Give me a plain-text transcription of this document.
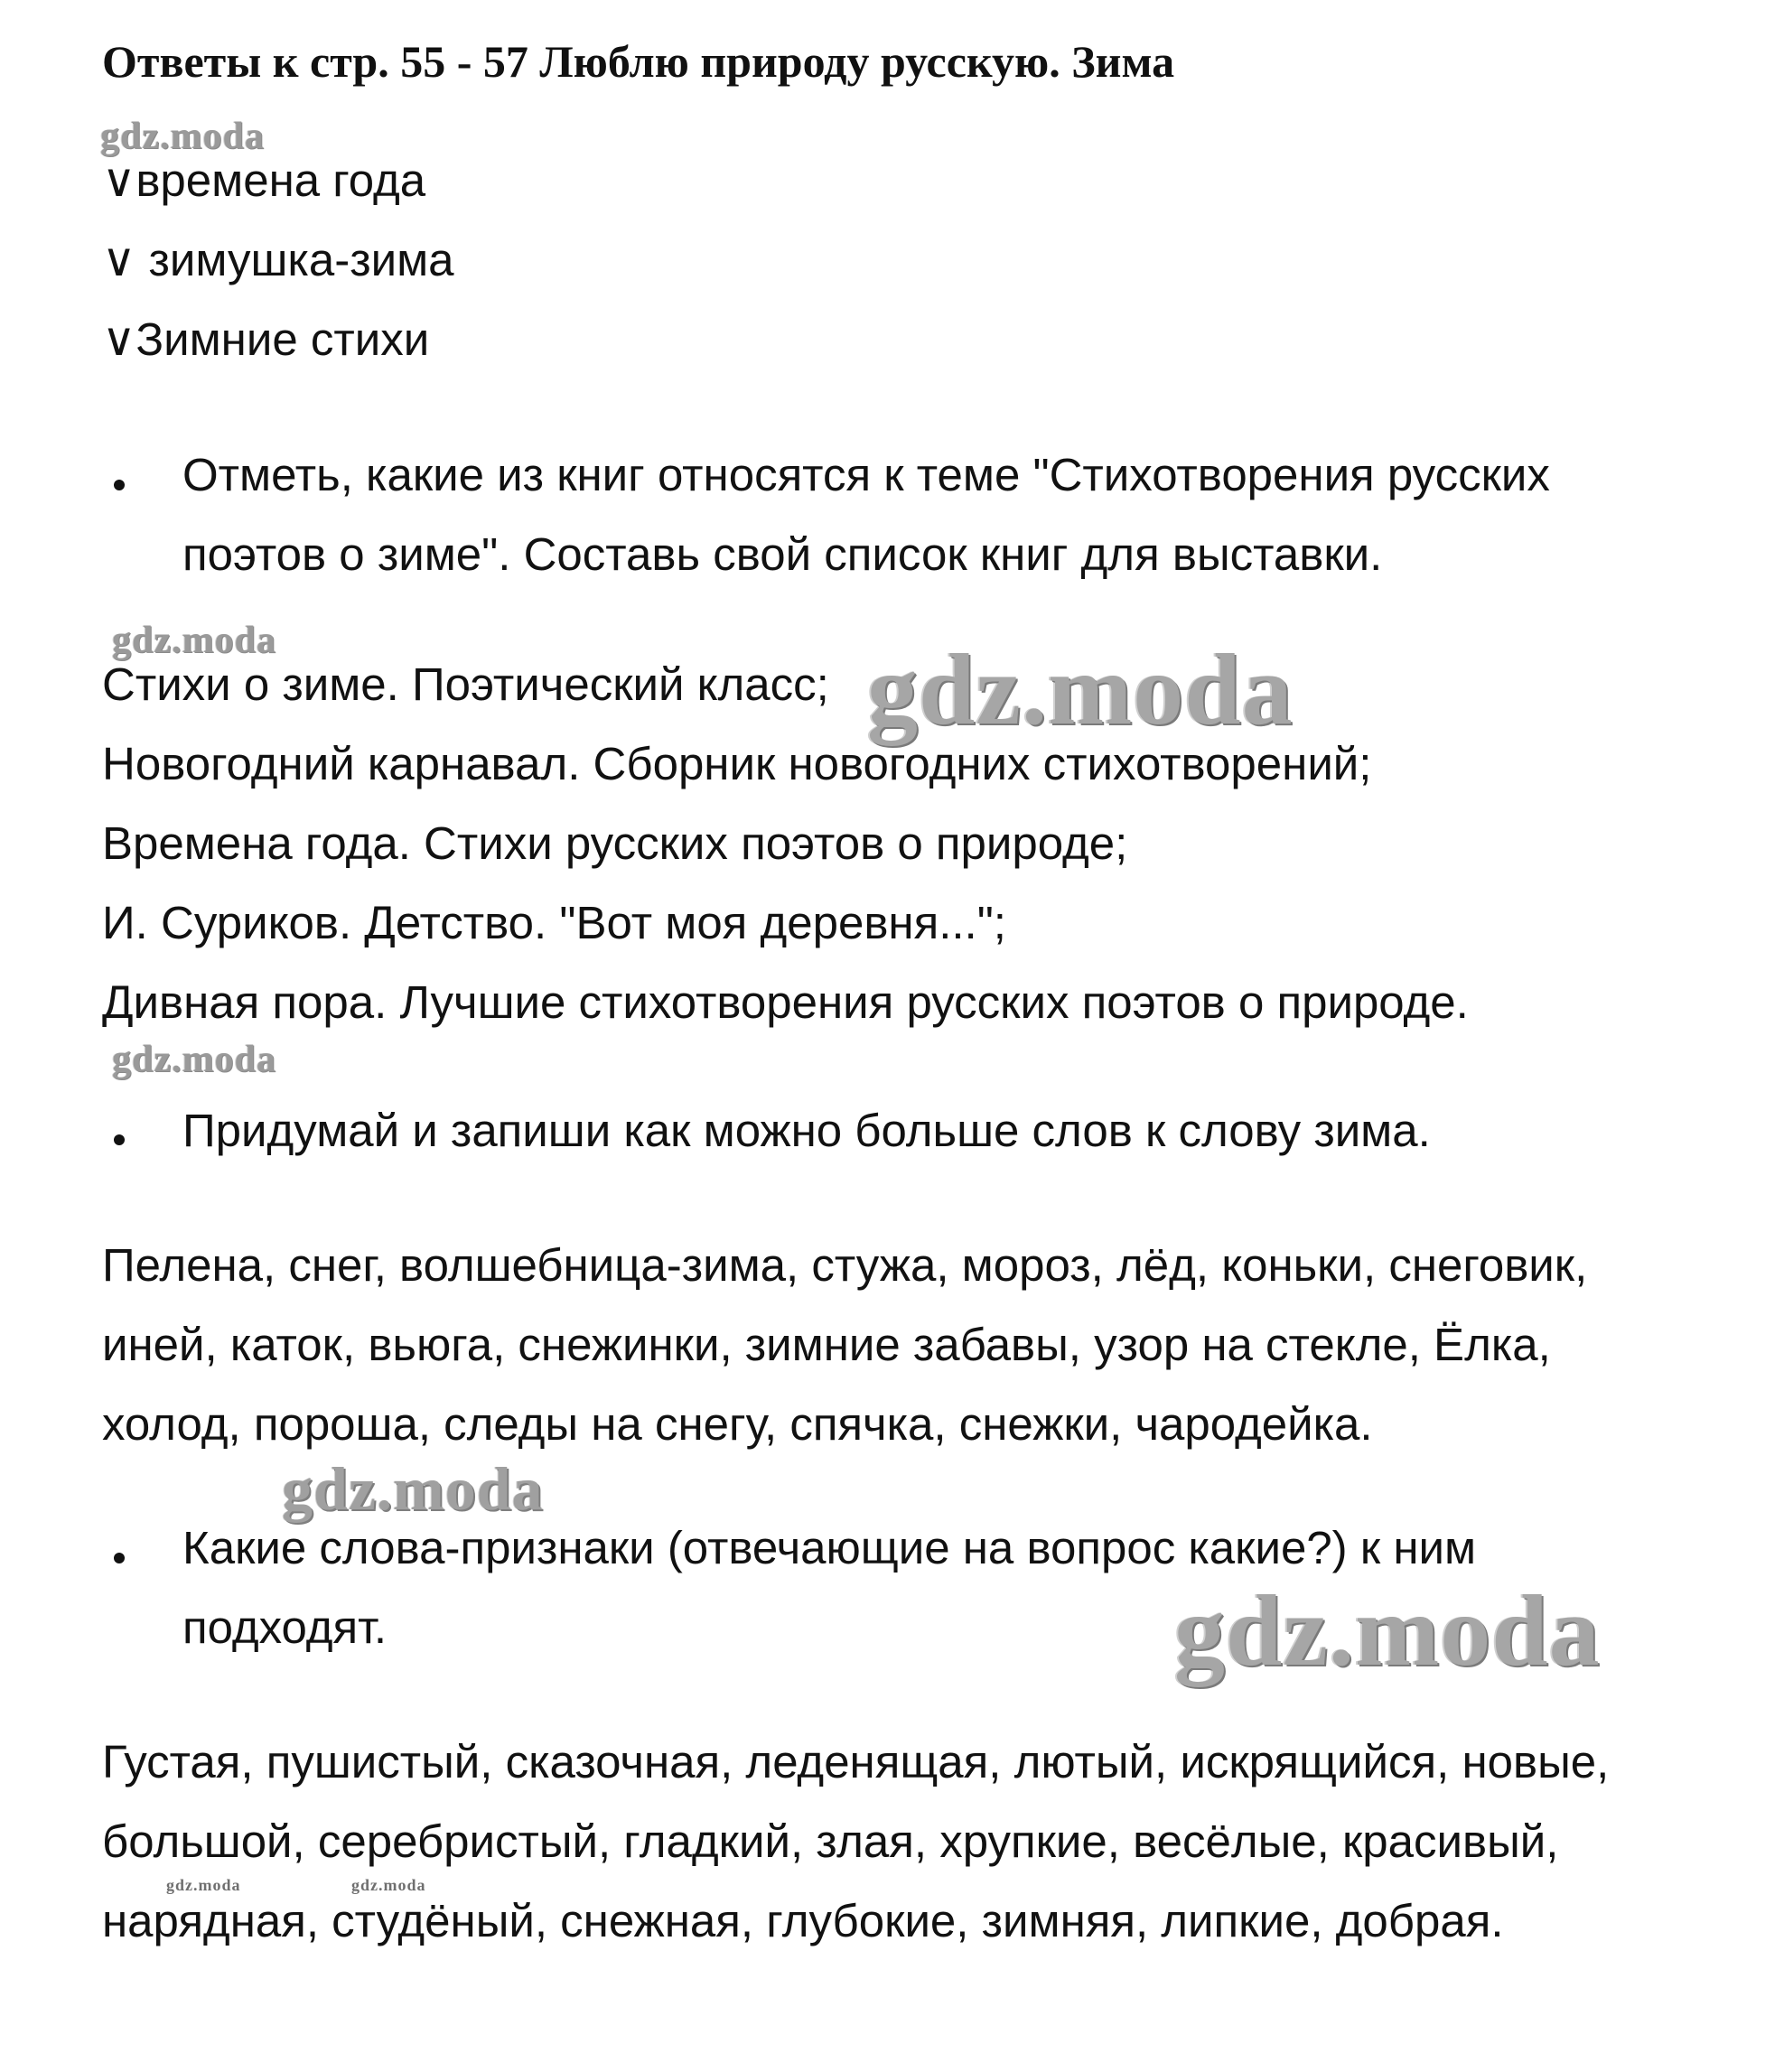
Ответы к стр. 55 - 57 Люблю природу русскую. Зима
gdz.moda

∨времена года

∨ зимушка-зима

∨Зимние стихи

Отметь, какие из книг относятся к теме "Стихотворения русских

поэтов о зиме". Составь свой список книг для выставки.

gdz.moda

Стихи о зиме. Поэтический класс; gdz.moda

Новогодний карнавал. Сборник новогодних стихотворений;

Времена года. Стихи русских поэтов о природе;

И. Суриков. Детство. "Вот моя деревня...";

Дивная пора. Лучшие стихотворения русских поэтов о природе.

gdz.moda

Придумай и запиши как можно больше слов к слову зима.

Пелена, снег, волшебница-зима, стужа, мороз, лёд, коньки, снеговик,

иней, каток, вьюга, снежинки, зимние забавы, узор на стекле, Ёлка,

холод, пороша, следы на снегу, спячка, снежки, чародейка.

gdz.moda

Какие слова-признаки (отвечающие на вопрос какие?) к ним

подходят.	gdz.moda

Густая, пушистый, сказочная, леденящая, лютый, искрящийся, новые,

большой, серебристый, гладкий, злая, хрупкие, весёлые, красивый,

gdz.moda	gdz.moda

нарядная, студёный, снежная, глубокие, зимняя, липкие, добрая.
